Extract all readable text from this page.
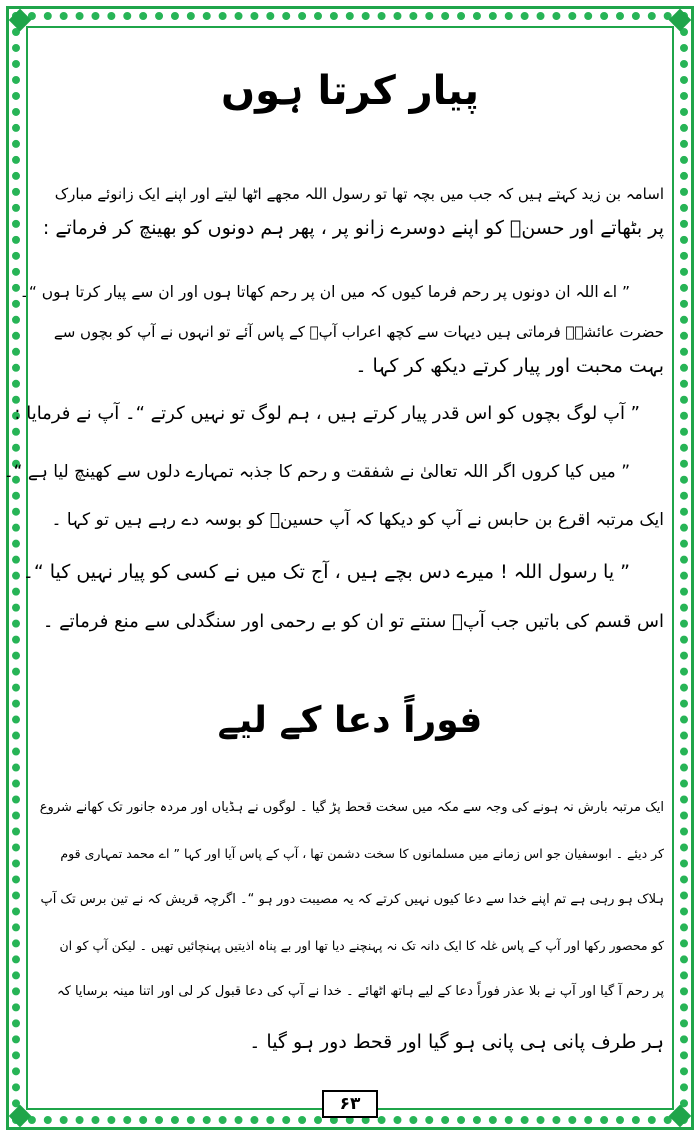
پیار کرتا ہوں
اسامہ بن زید کہتے ہیں کہ جب میں بچہ تھا تو رسول اللہ مجھے اٹھا لیتے اور اپنے ایک زانوئے مبارک
پر بٹھاتے اور حسنؓ کو اپنے دوسرے زانو پر ، پھر ہم دونوں کو بھینچ کر فرماتے :
” اے اللہ ان دونوں پر رحم فرما کیوں کہ میں ان پر رحم کھاتا ہوں اور ان سے پیار کرتا ہوں “۔
حضرت عائشہؓ فرماتی ہیں دیہات سے کچھ اعراب آپؐ کے پاس آئے تو انہوں نے آپ کو بچوں سے
بہت محبت اور پیار کرتے دیکھ کر کہا ۔
” آپ لوگ بچوں کو اس قدر پیار کرتے ہیں ، ہم لوگ تو نہیں کرتے “۔ آپ نے فرمایا :
” میں کیا کروں اگر اللہ تعالیٰ نے شفقت و رحم کا جذبہ تمہارے دلوں سے کھینچ لیا ہے “۔
ایک مرتبہ اقرع بن حابس نے آپ کو دیکھا کہ آپ حسینؓ کو بوسہ دے رہے ہیں تو کہا ۔
” یا رسول اللہ ! میرے دس بچے ہیں ، آج تک میں نے کسی کو پیار نہیں کیا “۔
اس قسم کی باتیں جب آپؐ سنتے تو ان کو بے رحمی اور سنگدلی سے منع فرماتے ۔
فوراً دعا کے لیے
ایک مرتبہ بارش نہ ہونے کی وجہ سے مکہ میں سخت قحط پڑ گیا ۔ لوگوں نے ہڈیاں اور مردہ جانور تک کھانے شروع
کر دیئے ۔ ابوسفیان جو اس زمانے میں مسلمانوں کا سخت دشمن تھا ، آپ کے پاس آیا اور کہا ” اے محمد تمہاری قوم
ہلاک ہو رہی ہے تم اپنے خدا سے دعا کیوں نہیں کرتے کہ یہ مصیبت دور ہو “۔ اگرچہ قریش کہ نے تین برس تک آپ
کو محصور رکھا اور آپ کے پاس غلہ کا ایک دانہ تک نہ پہنچنے دیا تھا اور بے پناہ اذیتیں پہنچائیں تھیں ۔ لیکن آپ کو ان
پر رحم آ گیا اور آپ نے بلا عذر فوراً دعا کے لیے ہاتھ اٹھائے ۔ خدا نے آپ کی دعا قبول کر لی اور اتنا مینہ برسایا کہ
ہر طرف پانی ہی پانی ہو گیا اور قحط دور ہو گیا ۔
۶۳
